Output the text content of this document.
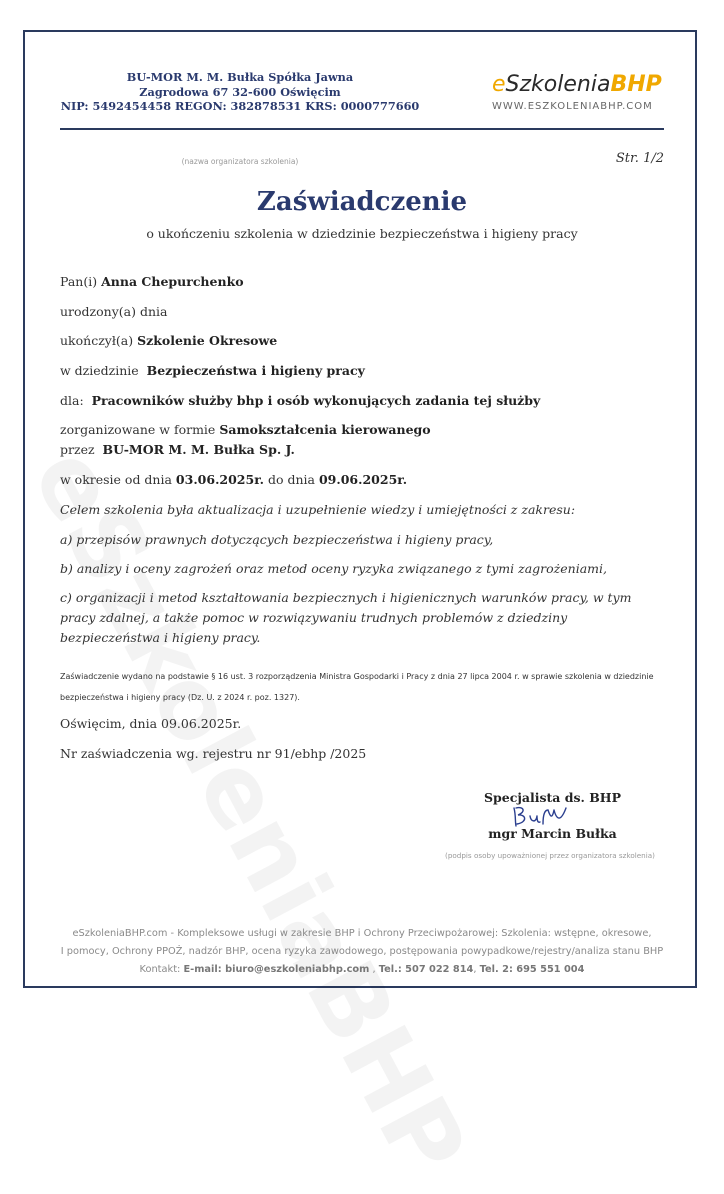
BU-MOR M. M. Bułka Spółka Jawna
Zagrodowa 67 32-600 Oświęcim
NIP: 5492454458 REGON: 382878531 KRS: 0000777660
eSzkoleniaBHP
WWW.ESZKOLENIABHP.COM
(nazwa organizatora szkolenia)	Str. 1/2
Zaświadczenie
o ukończeniu szkolenia w dziedzinie bezpieczeństwa i higieny pracy
Pan(i) Anna Chepurchenko
urodzony(a) dnia
ukończył(a) Szkolenie Okresowe
w dziedzinie Bezpieczeństwa i higieny pracy
dla: Pracowników służby bhp i osób wykonujących zadania tej służby
zorganizowane w formie Samokształcenia kierowanego
przez BU-MOR M. M. Bułka Sp. J.
w okresie od dnia 03.06.2025r. do dnia 09.06.2025r.
Celem szkolenia była aktualizacja i uzupełnienie wiedzy i umiejętności z zakresu:
a) przepisów prawnych dotyczących bezpieczeństwa i higieny pracy,
b) analizy i oceny zagrożeń oraz metod oceny ryzyka związanego z tymi zagrożeniami,
c) organizacji i metod kształtowania bezpiecznych i higienicznych warunków pracy, w tym pracy zdalnej, a także pomoc w rozwiązywaniu trudnych problemów z dziedziny bezpieczeństwa i higieny pracy.
Zaświadczenie wydano na podstawie § 16 ust. 3 rozporządzenia Ministra Gospodarki i Pracy z dnia 27 lipca 2004 r. w sprawie szkolenia w dziedzinie bezpieczeństwa i higieny pracy (Dz. U. z 2024 r. poz. 1327).
Oświęcim, dnia 09.06.2025r.
Nr zaświadczenia wg. rejestru nr 91/ebhp /2025
Specjalista ds. BHP
mgr Marcin Bułka
(podpis osoby upoważnionej przez organizatora szkolenia)
eSzkoleniaBHP.com - Kompleksowe usługi w zakresie BHP i Ochrony Przeciwpożarowej: Szkolenia: wstępne, okresowe,
I pomocy, Ochrony PPOŻ, nadzór BHP, ocena ryzyka zawodowego, postępowania powypadkowe/rejestry/analiza stanu BHP
Kontakt: E-mail: biuro@eszkoleniabhp.com , Tel.: 507 022 814, Tel. 2: 695 551 004
